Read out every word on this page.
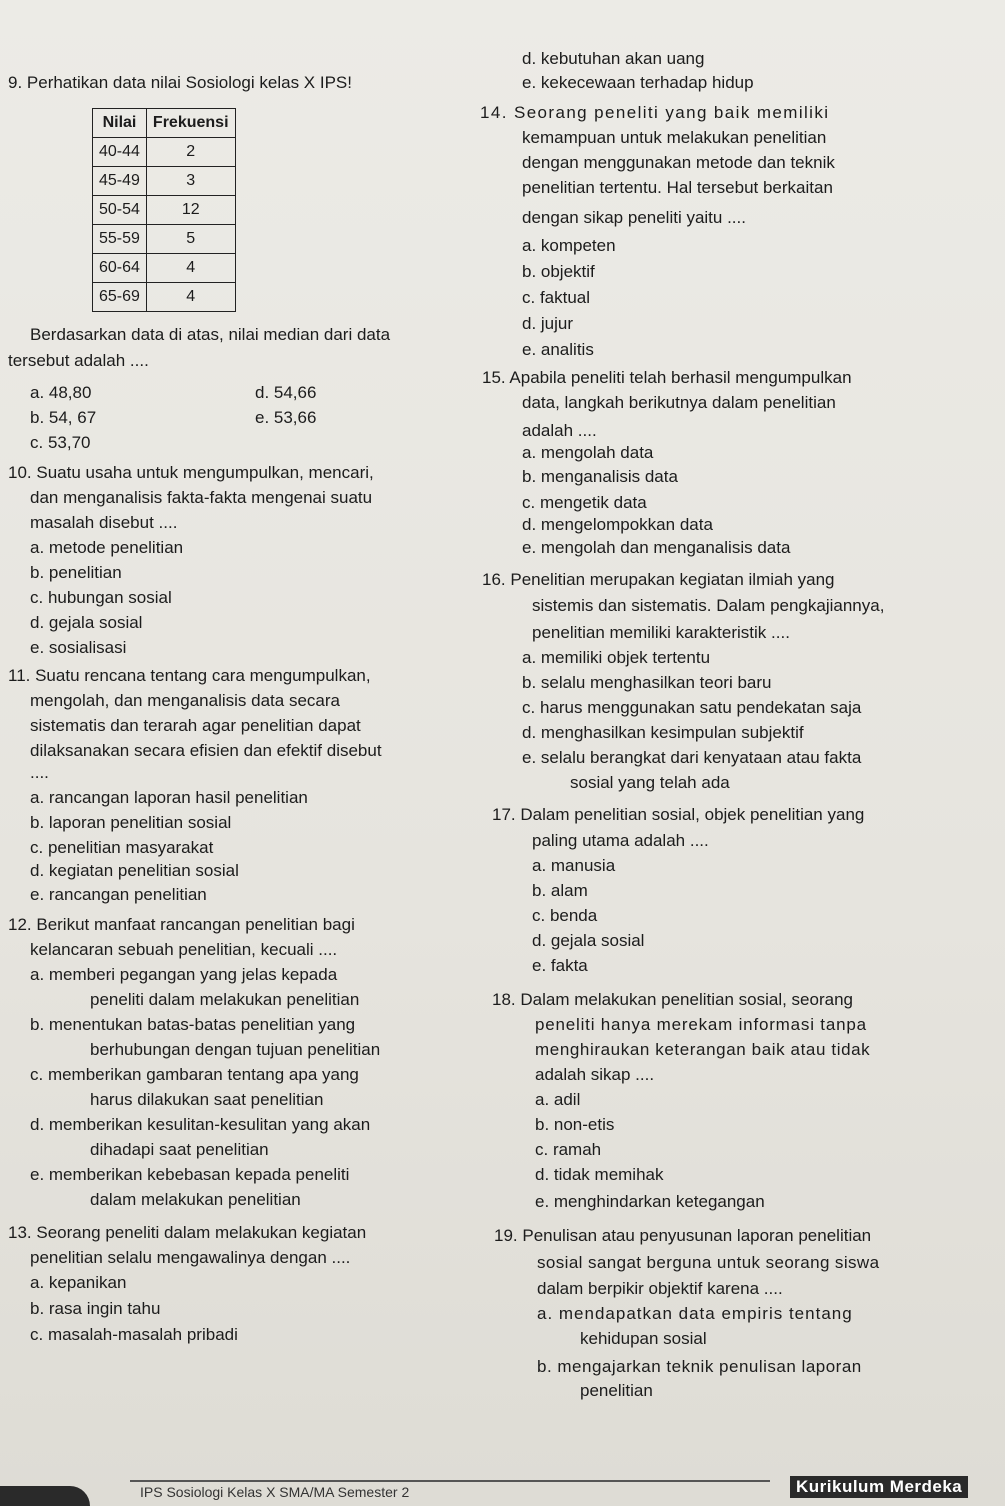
9. Perhatikan data nilai Sosiologi kelas X IPS!
Nilai	Frekuensi
40-44	2
45-49	3
50-54	12
55-59	5
60-64	4
65-69	4
Berdasarkan data di atas, nilai median dari data
tersebut adalah ....
a. 48,80
b. 54, 67
c. 53,70
d. 54,66
e. 53,66
10. Suatu usaha untuk mengumpulkan, mencari,
dan menganalisis fakta-fakta mengenai suatu
masalah disebut ....
a. metode penelitian
b. penelitian
c. hubungan sosial
d. gejala sosial
e. sosialisasi
11. Suatu rencana tentang cara mengumpulkan,
mengolah, dan menganalisis data secara
sistematis dan terarah agar penelitian dapat
dilaksanakan secara efisien dan efektif disebut
....
a. rancangan laporan hasil penelitian
b. laporan penelitian sosial
c. penelitian masyarakat
d. kegiatan penelitian sosial
e. rancangan penelitian
12. Berikut manfaat rancangan penelitian bagi
kelancaran sebuah penelitian, kecuali ....
a. memberi pegangan yang jelas kepada
peneliti dalam melakukan penelitian
b. menentukan batas-batas penelitian yang
berhubungan dengan tujuan penelitian
c. memberikan gambaran tentang apa yang
harus dilakukan saat penelitian
d. memberikan kesulitan-kesulitan yang akan
dihadapi saat penelitian
e. memberikan kebebasan kepada peneliti
dalam melakukan penelitian
13. Seorang peneliti dalam melakukan kegiatan
penelitian selalu mengawalinya dengan ....
a. kepanikan
b. rasa ingin tahu
c. masalah-masalah pribadi
d. kebutuhan akan uang
e. kekecewaan terhadap hidup
14. Seorang peneliti yang baik memiliki
kemampuan untuk melakukan penelitian
dengan menggunakan metode dan teknik
penelitian tertentu. Hal tersebut berkaitan
dengan sikap peneliti yaitu ....
a. kompeten
b. objektif
c. faktual
d. jujur
e. analitis
15. Apabila peneliti telah berhasil mengumpulkan
data, langkah berikutnya dalam penelitian
adalah ....
a. mengolah data
b. menganalisis data
c. mengetik data
d. mengelompokkan data
e. mengolah dan menganalisis data
16. Penelitian merupakan kegiatan ilmiah yang
sistemis dan sistematis. Dalam pengkajiannya,
penelitian memiliki karakteristik ....
a. memiliki objek tertentu
b. selalu menghasilkan teori baru
c. harus menggunakan satu pendekatan saja
d. menghasilkan kesimpulan subjektif
e. selalu berangkat dari kenyataan atau fakta
sosial yang telah ada
17. Dalam penelitian sosial, objek penelitian yang
paling utama adalah ....
a. manusia
b. alam
c. benda
d. gejala sosial
e. fakta
18. Dalam melakukan penelitian sosial, seorang
peneliti hanya merekam informasi tanpa
menghiraukan keterangan baik atau tidak
adalah sikap ....
a. adil
b. non-etis
c. ramah
d. tidak memihak
e. menghindarkan ketegangan
19. Penulisan atau penyusunan laporan penelitian
sosial sangat berguna untuk seorang siswa
dalam berpikir objektif karena ....
a. mendapatkan data empiris tentang
kehidupan sosial
b. mengajarkan teknik penulisan laporan
penelitian
IPS Sosiologi Kelas X SMA/MA Semester 2	Kurikulum Merdeka
